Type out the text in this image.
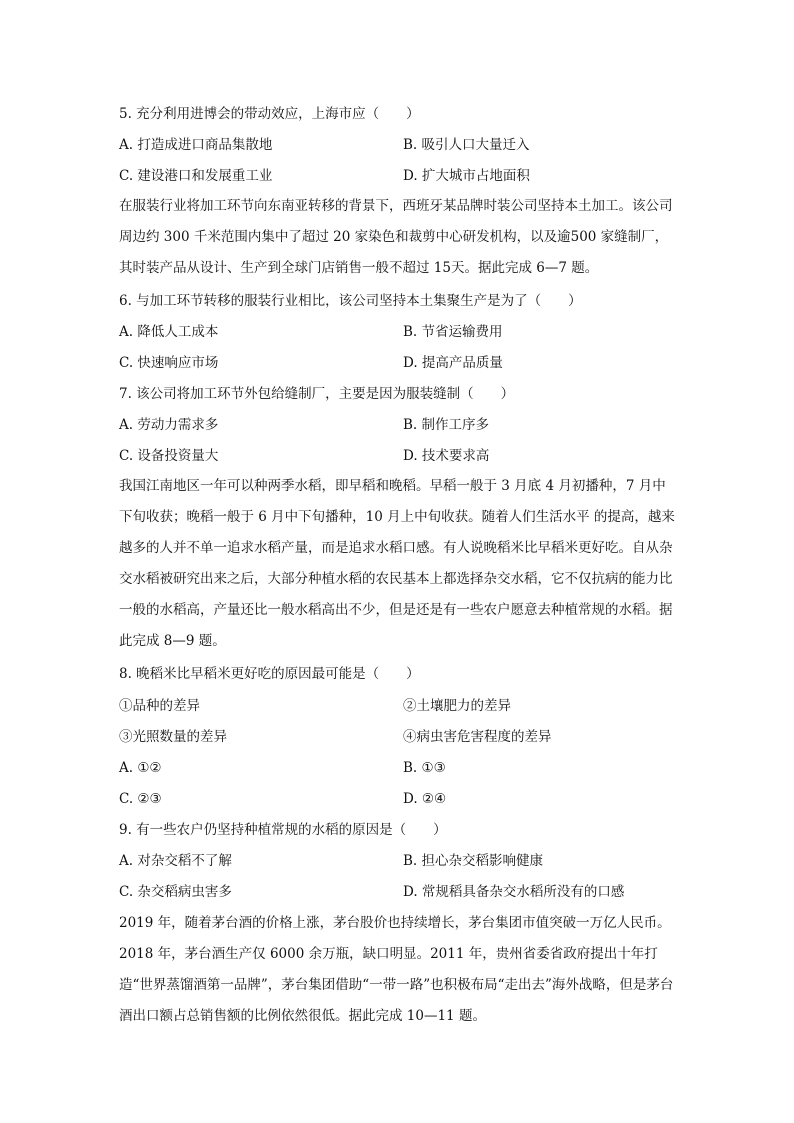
5. 充分利用进博会的带动效应，上海市应（　　）
A. 打造成进口商品集散地	B. 吸引人口大量迁入
C. 建设港口和发展重工业	D. 扩大城市占地面积
在服装行业将加工环节向东南亚转移的背景下，西班牙某品牌时装公司坚持本土加工。该公司周边约 300 千米范围内集中了超过 20 家染色和裁剪中心研发机构，以及逾500 家缝制厂，其时装产品从设计、生产到全球门店销售一般不超过 15天。据此完成 6—7 题。
6. 与加工环节转移的服装行业相比，该公司坚持本土集聚生产是为了（　　）
A. 降低人工成本	B. 节省运输费用
C. 快速响应市场	D. 提高产品质量
7. 该公司将加工环节外包给缝制厂，主要是因为服装缝制（　　）
A. 劳动力需求多	B. 制作工序多
C. 设备投资量大	D. 技术要求高
我国江南地区一年可以种两季水稻，即早稻和晚稻。早稻一般于 3 月底 4 月初播种，7 月中下旬收获；晚稻一般于 6 月中下旬播种，10 月上中旬收获。随着人们生活水平 的提高，越来越多的人并不单一追求水稻产量，而是追求水稻口感。有人说晚稻米比早稻米更好吃。自从杂交水稻被研究出来之后，大部分种植水稻的农民基本上都选择杂交水稻，它不仅抗病的能力比一般的水稻高，产量还比一般水稻高出不少，但是还是有一些农户愿意去种植常规的水稻。据此完成 8—9 题。
8. 晚稻米比早稻米更好吃的原因最可能是（　　）
①品种的差异	②土壤肥力的差异
③光照数量的差异	④病虫害危害程度的差异
A. ①②	B. ①③
C. ②③	D. ②④
9. 有一些农户仍坚持种植常规的水稻的原因是（　　）
A. 对杂交稻不了解	B. 担心杂交稻影响健康
C. 杂交稻病虫害多	D. 常规稻具备杂交水稻所没有的口感
2019 年，随着茅台酒的价格上涨，茅台股价也持续增长，茅台集团市值突破一万亿人民币。2018 年，茅台酒生产仅 6000 余万瓶，缺口明显。2011 年，贵州省委省政府提出十年打造“世界蒸馏酒第一品牌”，茅台集团借助“一带一路”也积极布局“走出去”海外战略，但是茅台酒出口额占总销售额的比例依然很低。据此完成 10—11 题。
